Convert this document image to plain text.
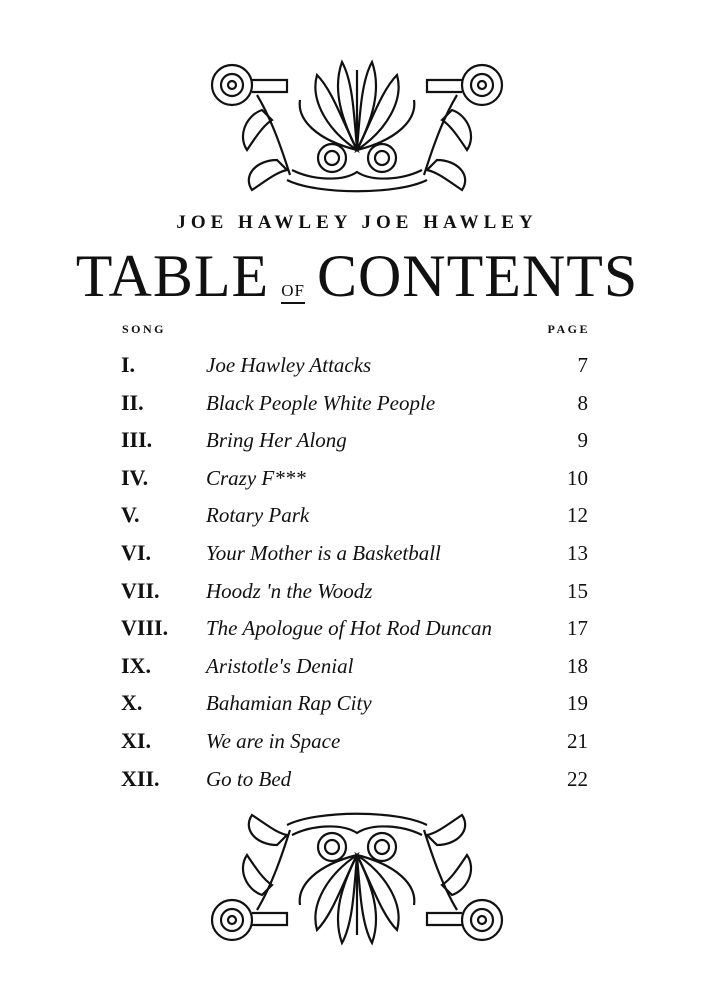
JOE HAWLEY JOE HAWLEY
TABLE OF CONTENTS
SONG	PAGE
I.	Joe Hawley Attacks	7
II.	Black People White People	8
III.	Bring Her Along	9
IV.	Crazy F***	10
V.	Rotary Park	12
VI.	Your Mother is a Basketball	13
VII. Hoodz 'n the Woodz	15
VIII. The Apologue of Hot Rod Duncan	17
IX.	Aristotle's Denial	18
X.	Bahamian Rap City	19
XI.	We are in Space	21
XII. Go to Bed	22
